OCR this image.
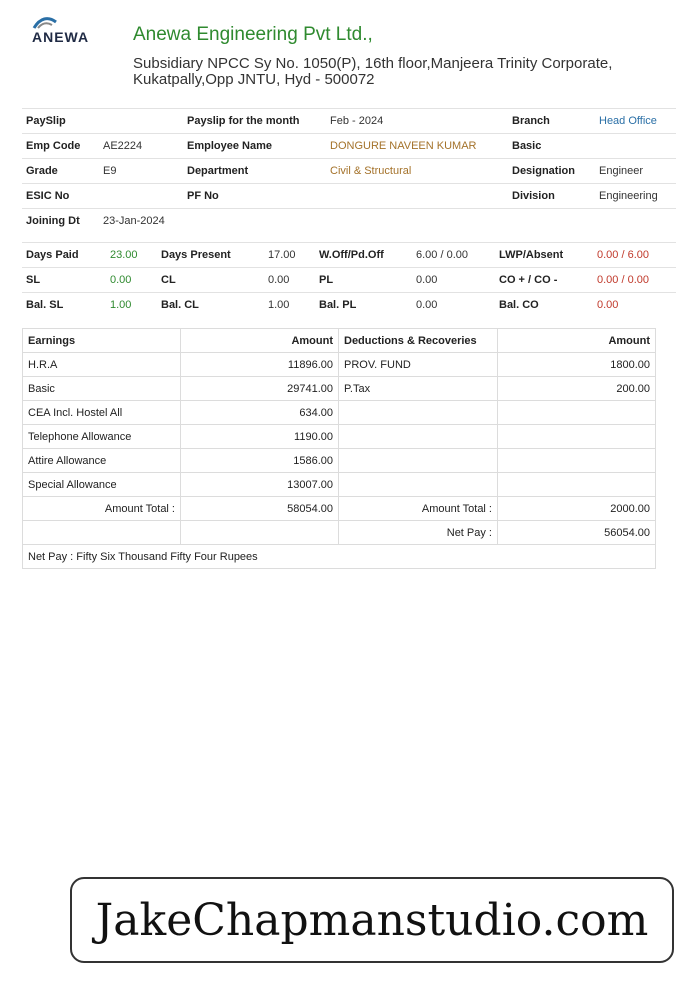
ANEWA Anewa Engineering Pvt Ltd.,
Subsidiary NPCC Sy No. 1050(P), 16th floor,Manjeera Trinity Corporate,
Kukatpally,Opp JNTU, Hyd - 500072
PaySlip	Payslip for the month	Feb - 2024	Branch	Head Office
Emp Code AE2224	Employee Name	DONGURE NAVEEN KUMAR	Basic
Grade	E9	Department	Civil & Structural	Designation Engineer
ESIC No	PF No	Division	Engineering
Joining Dt 23-Jan-2024
Days Paid	23.00 Days Present	17.00 W.Off/Pd.Off	6.00 / 0.00	LWP/Absent	0.00 / 6.00
SL	0.00	CL	0.00	PL	0.00	CO + / CO -	0.00 / 0.00
Bal. SL	1.00	Bal. CL	1.00	Bal. PL	0.00	Bal. CO	0.00
Earnings	Amount	Deductions & Recoveries	Amount
H.R.A	11896.00	PROV. FUND	1800.00
Basic	29741.00	P.Tax	200.00
CEA Incl. Hostel All	634.00		
Telephone Allowance	1190.00		
Attire Allowance	1586.00		
Special Allowance	13007.00		
Amount Total :	58054.00	Amount Total :	2000.00
		Net Pay :	56054.00
Net Pay : Fifty Six Thousand Fifty Four Rupees			
JakeChapmanstudio.com
